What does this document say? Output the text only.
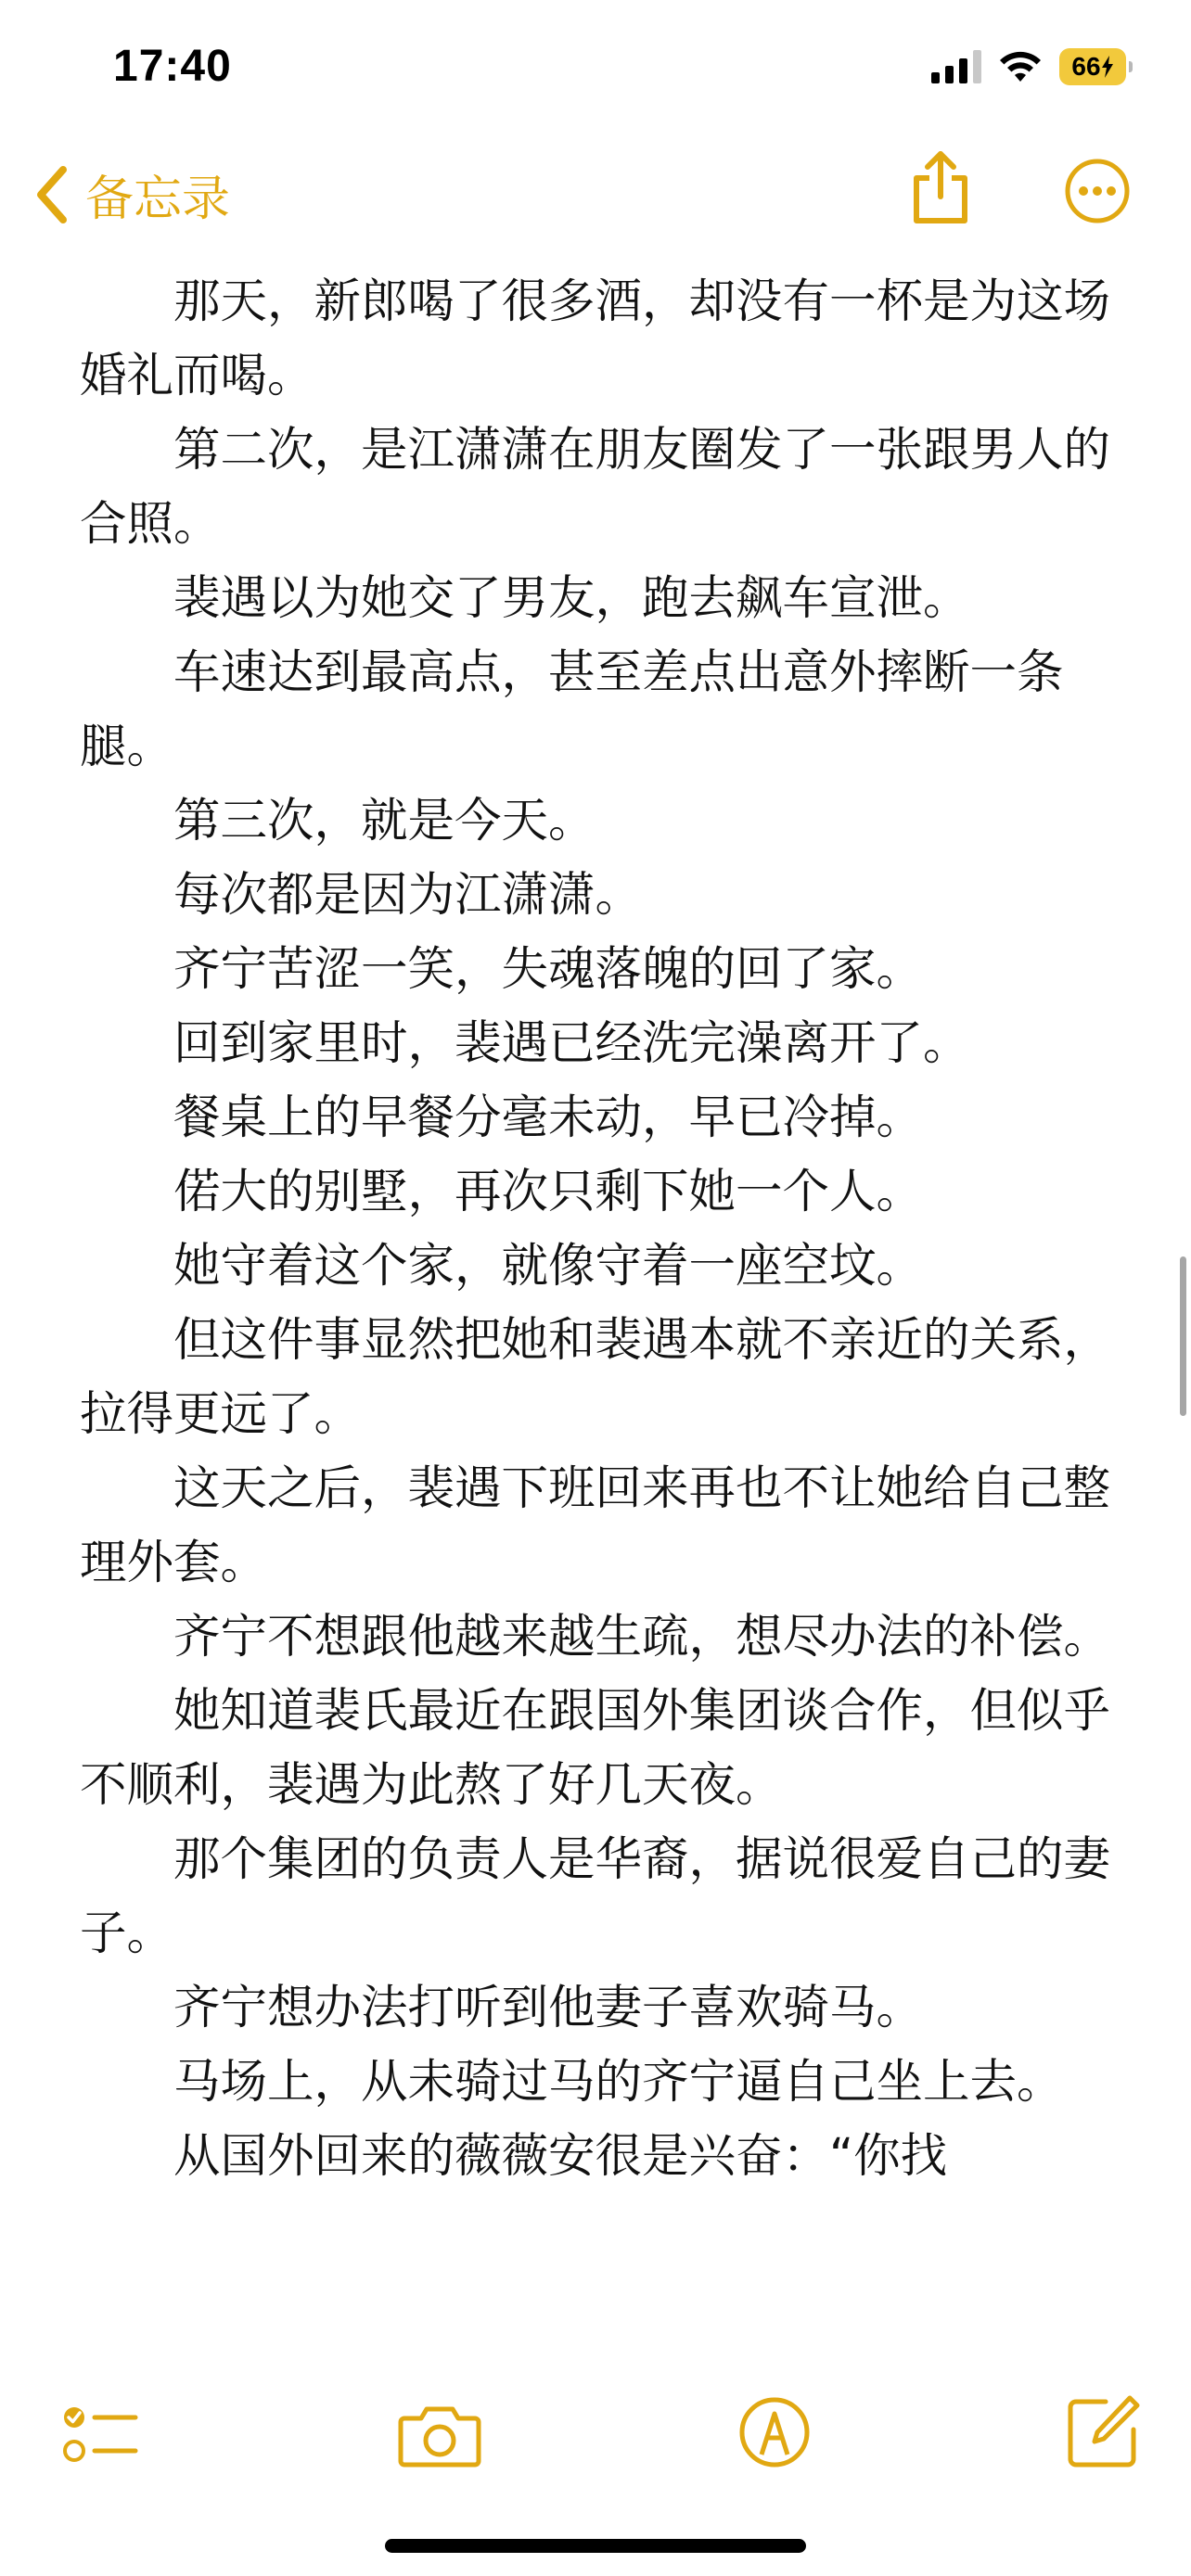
17:40	66

备忘录

那天，新郎喝了很多酒，却没有一杯是为这场婚礼而喝。

第二次，是江潇潇在朋友圈发了一张跟男人的合照。

裴遇以为她交了男友，跑去飙车宣泄。

车速达到最高点，甚至差点出意外摔断一条腿。

第三次，就是今天。

每次都是因为江潇潇。

齐宁苦涩一笑，失魂落魄的回了家。

回到家里时，裴遇已经洗完澡离开了。

餐桌上的早餐分毫未动，早已冷掉。

偌大的别墅，再次只剩下她一个人。

她守着这个家，就像守着一座空坟。

但这件事显然把她和裴遇本就不亲近的关系，拉得更远了。

这天之后，裴遇下班回来再也不让她给自己整理外套。

齐宁不想跟他越来越生疏，想尽办法的补偿。

她知道裴氏最近在跟国外集团谈合作，但似乎不顺利，裴遇为此熬了好几天夜。

那个集团的负责人是华裔，据说很爱自己的妻子。

齐宁想办法打听到他妻子喜欢骑马。

马场上，从未骑过马的齐宁逼自己坐上去。

从国外回来的薇薇安很是兴奋：“你找
